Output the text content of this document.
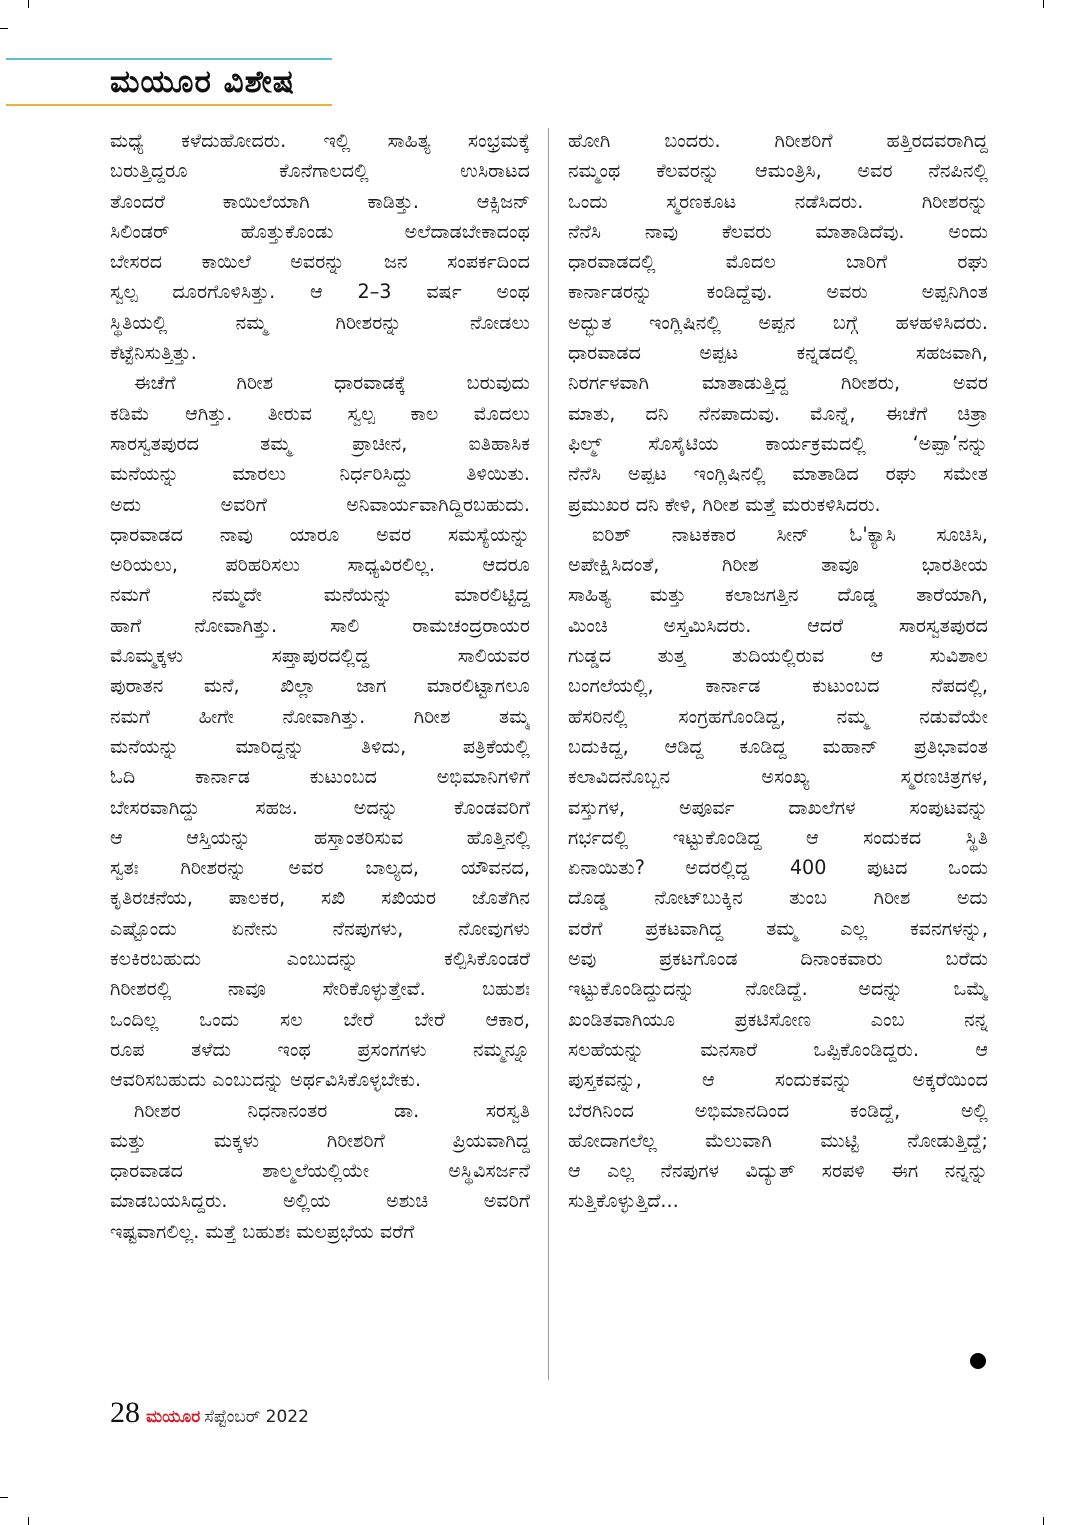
ಮಯೂರ ವಿಶೇಷ
ಮಧ್ಯೆ ಕಳೆದುಹೋದರು. ಇಲ್ಲಿ ಸಾಹಿತ್ಯ ಸಂಭ್ರಮಕ್ಕೆ
ಬರುತ್ತಿದ್ದರೂ ಕೊನೆಗಾಲದಲ್ಲಿ ಉಸಿರಾಟದ
ತೊಂದರೆ ಕಾಯಿಲೆಯಾಗಿ ಕಾಡಿತ್ತು. ಆಕ್ಸಿಜನ್
ಸಿಲಿಂಡರ್ ಹೊತ್ತುಕೊಂಡು ಅಲೆದಾಡಬೇಕಾದಂಥ
ಬೇಸರದ ಕಾಯಿಲೆ ಅವರನ್ನು ಜನ ಸಂಪರ್ಕದಿಂದ
ಸ್ವಲ್ಪ ದೂರಗೊಳಿಸಿತ್ತು. ಆ 2–3 ವರ್ಷ ಅಂಥ
ಸ್ಥಿತಿಯಲ್ಲಿ ನಮ್ಮ ಗಿರೀಶರನ್ನು ನೋಡಲು
ಕೆಟ್ಟೆನಿಸುತ್ತಿತ್ತು.
ಈಚೆಗೆ ಗಿರೀಶ ಧಾರವಾಡಕ್ಕೆ ಬರುವುದು
ಕಡಿಮೆ ಆಗಿತ್ತು. ತೀರುವ ಸ್ವಲ್ಪ ಕಾಲ ಮೊದಲು
ಸಾರಸ್ವತಪುರದ ತಮ್ಮ ಪ್ರಾಚೀನ, ಐತಿಹಾಸಿಕ
ಮನೆಯನ್ನು ಮಾರಲು ನಿರ್ಧರಿಸಿದ್ದು ತಿಳಿಯಿತು.
ಅದು ಅವರಿಗೆ ಅನಿವಾರ್ಯವಾಗಿದ್ದಿರಬಹುದು.
ಧಾರವಾಡದ ನಾವು ಯಾರೂ ಅವರ ಸಮಸ್ಯೆಯನ್ನು
ಅರಿಯಲು, ಪರಿಹರಿಸಲು ಸಾಧ್ಯವಿರಲಿಲ್ಲ. ಆದರೂ
ನಮಗೆ ನಮ್ಮದೇ ಮನೆಯನ್ನು ಮಾರಲಿಟ್ಟಿದ್ದ
ಹಾಗೆ ನೋವಾಗಿತ್ತು. ಸಾಲಿ ರಾಮಚಂದ್ರರಾಯರ
ಮೊಮ್ಮಕ್ಕಳು ಸಪ್ತಾಪುರದಲ್ಲಿದ್ದ ಸಾಲಿಯವರ
ಪುರಾತನ ಮನೆ, ಖಿಲ್ಲಾ ಜಾಗ ಮಾರಲಿಟ್ಟಾಗಲೂ
ನಮಗೆ ಹೀಗೇ ನೋವಾಗಿತ್ತು. ಗಿರೀಶ ತಮ್ಮ
ಮನೆಯನ್ನು ಮಾರಿದ್ದನ್ನು ತಿಳಿದು, ಪತ್ರಿಕೆಯಲ್ಲಿ
ಓದಿ ಕಾರ್ನಾಡ ಕುಟುಂಬದ ಅಭಿಮಾನಿಗಳಿಗೆ
ಬೇಸರವಾಗಿದ್ದು ಸಹಜ. ಅದನ್ನು ಕೊಂಡವರಿಗೆ
ಆ ಆಸ್ತಿಯನ್ನು ಹಸ್ತಾಂತರಿಸುವ ಹೊತ್ತಿನಲ್ಲಿ
ಸ್ವತಃ ಗಿರೀಶರನ್ನು ಅವರ ಬಾಲ್ಯದ, ಯೌವನದ,
ಕೃತಿರಚನೆಯ, ಪಾಲಕರ, ಸಖಿ ಸಖಿಯರ ಜೊತೆಗಿನ
ಎಷ್ಟೊಂದು ಏನೇನು ನೆನಪುಗಳು, ನೋವುಗಳು
ಕಲಕಿರಬಹುದು ಎಂಬುದನ್ನು ಕಲ್ಪಿಸಿಕೊಂಡರೆ
ಗಿರೀಶರಲ್ಲಿ ನಾವೂ ಸೇರಿಕೊಳ್ಳುತ್ತೇವೆ. ಬಹುಶಃ
ಒಂದಿಲ್ಲ ಒಂದು ಸಲ ಬೇರೆ ಬೇರೆ ಆಕಾರ,
ರೂಪ ತಳೆದು ಇಂಥ ಪ್ರಸಂಗಗಳು ನಮ್ಮನ್ನೂ
ಆವರಿಸಬಹುದು ಎಂಬುದನ್ನು ಅರ್ಥವಿಸಿಕೊಳ್ಳಬೇಕು.
ಗಿರೀಶರ ನಿಧನಾನಂತರ ಡಾ. ಸರಸ್ವತಿ
ಮತ್ತು ಮಕ್ಕಳು ಗಿರೀಶರಿಗೆ ಪ್ರಿಯವಾಗಿದ್ದ
ಧಾರವಾಡದ ಶಾಲ್ಮಲೆಯಲ್ಲಿಯೇ ಅಸ್ಥಿವಿಸರ್ಜನೆ
ಮಾಡಬಯಸಿದ್ದರು. ಅಲ್ಲಿಯ ಅಶುಚಿ ಅವರಿಗೆ
ಇಷ್ಟವಾಗಲಿಲ್ಲ. ಮತ್ತೆ ಬಹುಶಃ ಮಲಪ್ರಭೆಯ ವರೆಗೆ
ಹೋಗಿ ಬಂದರು. ಗಿರೀಶರಿಗೆ ಹತ್ತಿರದವರಾಗಿದ್ದ
ನಮ್ಮಂಥ ಕೆಲವರನ್ನು ಆಮಂತ್ರಿಸಿ, ಅವರ ನೆನಪಿನಲ್ಲಿ
ಒಂದು ಸ್ಮರಣಕೂಟ ನಡೆಸಿದರು. ಗಿರೀಶರನ್ನು
ನೆನೆಸಿ ನಾವು ಕೆಲವರು ಮಾತಾಡಿದೆವು. ಅಂದು
ಧಾರವಾಡದಲ್ಲಿ ಮೊದಲ ಬಾರಿಗೆ ರಘು
ಕಾರ್ನಾಡರನ್ನು ಕಂಡಿದ್ದೆವು. ಅವರು ಅಪ್ಪನಿಗಿಂತ
ಅದ್ಭುತ ಇಂಗ್ಲಿಷಿನಲ್ಲಿ ಅಪ್ಪನ ಬಗ್ಗೆ ಹಳಹಳಿಸಿದರು.
ಧಾರವಾಡದ ಅಪ್ಪಟ ಕನ್ನಡದಲ್ಲಿ ಸಹಜವಾಗಿ,
ನಿರರ್ಗಳವಾಗಿ ಮಾತಾಡುತ್ತಿದ್ದ ಗಿರೀಶರು, ಅವರ
ಮಾತು, ದನಿ ನೆನಪಾದುವು. ಮೊನ್ನೆ, ಈಚೆಗೆ ಚಿತ್ರಾ
ಫಿಲ್ಮ್ ಸೊಸೈಟಿಯ ಕಾರ್ಯಕ್ರಮದಲ್ಲಿ ‘ಅಪ್ಪಾ’ನನ್ನು
ನೆನೆಸಿ ಅಪ್ಪಟ ಇಂಗ್ಲಿಷಿನಲ್ಲಿ ಮಾತಾಡಿದ ರಘು ಸಮೇತ
ಪ್ರಮುಖರ ದನಿ ಕೇಳಿ, ಗಿರೀಶ ಮತ್ತೆ ಮರುಕಳಿಸಿದರು.
ಐರಿಶ್ ನಾಟಕಕಾರ ಸೀನ್ ಓ'ಕ್ಯಾಸಿ ಸೂಚಿಸಿ,
ಅಪೇಕ್ಷಿಸಿದಂತೆ, ಗಿರೀಶ ತಾವೂ ಭಾರತೀಯ
ಸಾಹಿತ್ಯ ಮತ್ತು ಕಲಾಜಗತ್ತಿನ ದೊಡ್ಡ ತಾರೆಯಾಗಿ,
ಮಿಂಚಿ ಅಸ್ತಮಿಸಿದರು. ಆದರೆ ಸಾರಸ್ವತಪುರದ
ಗುಡ್ಡದ ತುತ್ತ ತುದಿಯಲ್ಲಿರುವ ಆ ಸುವಿಶಾಲ
ಬಂಗಲೆಯಲ್ಲಿ, ಕಾರ್ನಾಡ ಕುಟುಂಬದ ನೆಪದಲ್ಲಿ,
ಹೆಸರಿನಲ್ಲಿ ಸಂಗ್ರಹಗೊಂಡಿದ್ದ, ನಮ್ಮ ನಡುವೆಯೇ
ಬದುಕಿದ್ದ, ಆಡಿದ್ದ ಕೂಡಿದ್ದ ಮಹಾನ್ ಪ್ರತಿಭಾವಂತ
ಕಲಾವಿದನೊಬ್ಬನ ಅಸಂಖ್ಯ ಸ್ಮರಣಚಿತ್ರಗಳ,
ವಸ್ತುಗಳ, ಅಪೂರ್ವ ದಾಖಲೆಗಳ ಸಂಪುಟವನ್ನು
ಗರ್ಭದಲ್ಲಿ ಇಟ್ಟುಕೊಂಡಿದ್ದ ಆ ಸಂದುಕದ ಸ್ಥಿತಿ
ಏನಾಯಿತು? ಅದರಲ್ಲಿದ್ದ 400 ಪುಟದ ಒಂದು
ದೊಡ್ಡ ನೋಟ್‌ಬುಕ್ಕಿನ ತುಂಬ ಗಿರೀಶ ಅದು
ವರೆಗೆ ಪ್ರಕಟವಾಗಿದ್ದ ತಮ್ಮ ಎಲ್ಲ ಕವನಗಳನ್ನು,
ಅವು ಪ್ರಕಟಗೊಂಡ ದಿನಾಂಕವಾರು ಬರೆದು
ಇಟ್ಟುಕೊಂಡಿದ್ದುದನ್ನು ನೋಡಿದ್ದೆ. ಅದನ್ನು ಒಮ್ಮೆ
ಖಂಡಿತವಾಗಿಯೂ ಪ್ರಕಟಿಸೋಣ ಎಂಬ ನನ್ನ
ಸಲಹೆಯನ್ನು ಮನಸಾರೆ ಒಪ್ಪಿಕೊಂಡಿದ್ದರು. ಆ
ಪುಸ್ತಕವನ್ನು, ಆ ಸಂದುಕವನ್ನು ಅಕ್ಕರೆಯಿಂದ
ಬೆರಗಿನಿಂದ ಅಭಿಮಾನದಿಂದ ಕಂಡಿದ್ದೆ, ಅಲ್ಲಿ
ಹೋದಾಗಲೆಲ್ಲ ಮೆಲುವಾಗಿ ಮುಟ್ಟಿ ನೋಡುತ್ತಿದ್ದೆ;
ಆ ಎಲ್ಲ ನೆನಪುಗಳ ವಿದ್ಯುತ್ ಸರಪಳಿ ಈಗ ನನ್ನನ್ನು
ಸುತ್ತಿಕೊಳ್ಳುತ್ತಿದೆ...
28 ಮಯೂರ ಸೆಪ್ಟೆಂಬರ್ 2022
